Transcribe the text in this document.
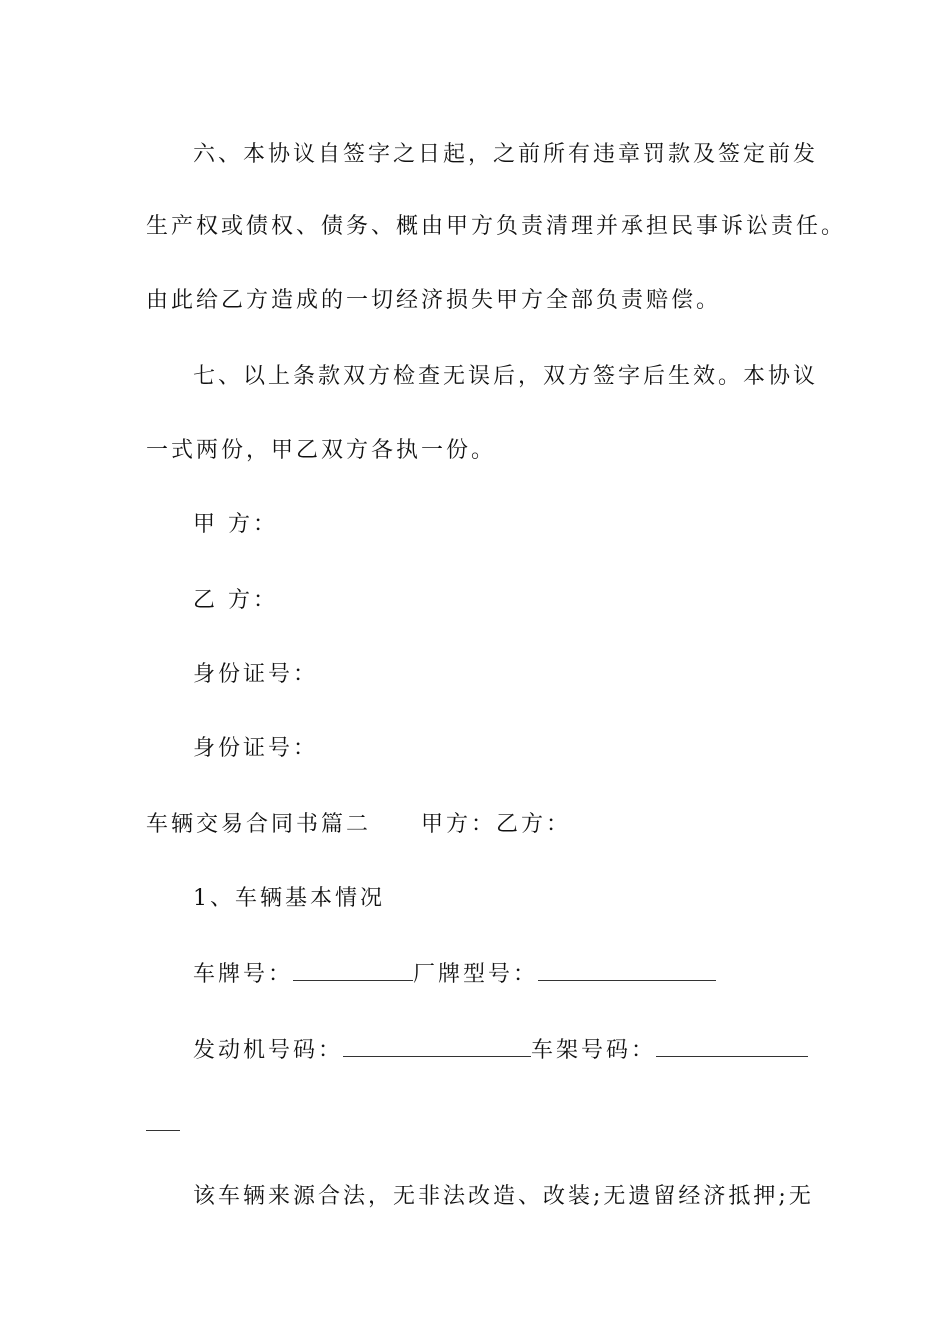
六、本协议自签字之日起，之前所有违章罚款及签定前发
生产权或债权、债务、概由甲方负责清理并承担民事诉讼责任。
由此给乙方造成的一切经济损失甲方全部负责赔偿。
七、以上条款双方检查无误后，双方签字后生效。本协议
一式两份，甲乙双方各执一份。
甲 方：
乙 方：
身份证号：
身份证号：
车辆交易合同书篇二 甲方：乙方：
1、车辆基本情况
车牌号：	厂牌型号：
发动机号码：	车架号码：
该车辆来源合法，无非法改造、改装;无遗留经济抵押;无
